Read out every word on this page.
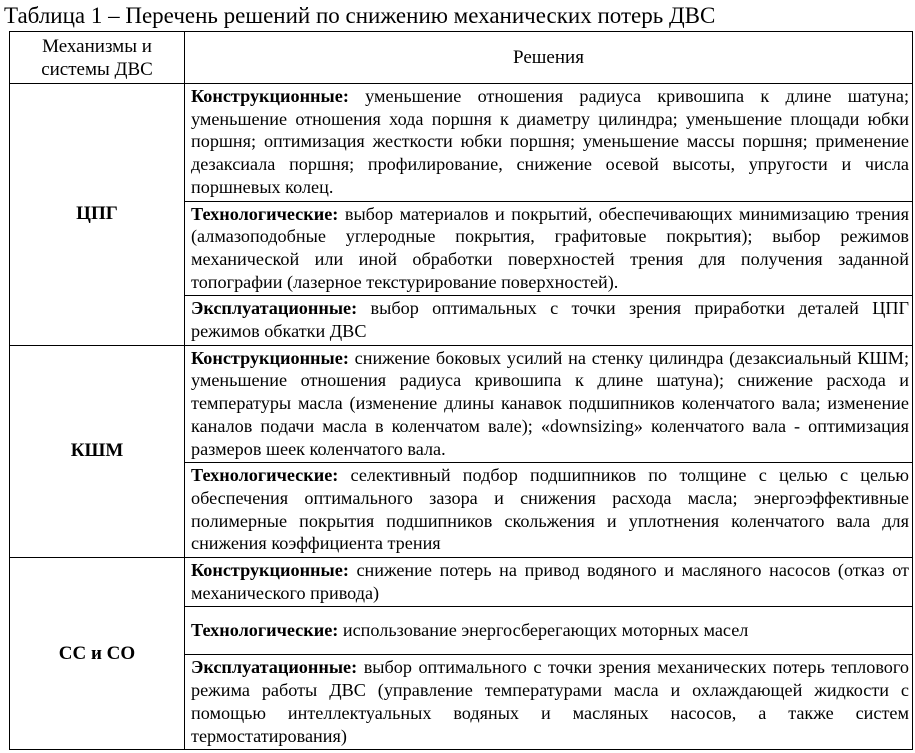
Таблица 1 – Перечень решений по снижению механических потерь ДВС
Механизмы и
системы ДВС	Решения
ЦПГ	Конструкционные: уменьшение отношения радиуса кривошипа к длине шатуна; уменьшение отношения хода поршня к диаметру цилиндра; уменьшение площади юбки поршня; оптимизация жесткости юбки поршня; уменьшение массы поршня; применение дезаксиала поршня; профилирование, снижение осевой высоты, упругости и числа поршневых колец.
	Технологические: выбор материалов и покрытий, обеспечивающих минимизацию трения (алмазоподобные углеродные покрытия, графитовые покрытия); выбор режимов механической или иной обработки поверхностей трения для получения заданной топографии (лазерное текстурирование поверхностей).
	Эксплуатационные: выбор оптимальных с точки зрения приработки деталей ЦПГ режимов обкатки ДВС
КШМ	Конструкционные: снижение боковых усилий на стенку цилиндра (дезаксиальный КШМ; уменьшение отношения радиуса кривошипа к длине шатуна); снижение расхода и температуры масла (изменение длины канавок подшипников коленчатого вала; изменение каналов подачи масла в коленчатом вале); «downsizing» коленчатого вала - оптимизация размеров шеек коленчатого вала.
	Технологические: селективный подбор подшипников по толщине с целью с целью обеспечения оптимального зазора и снижения расхода масла; энергоэффективные полимерные покрытия подшипников скольжения и уплотнения коленчатого вала для снижения коэффициента трения
СС и СО	Конструкционные: снижение потерь на привод водяного и масляного насосов (отказ от механического привода)
	Технологические: использование энергосберегающих моторных масел
	Эксплуатационные: выбор оптимального с точки зрения механических потерь теплового режима работы ДВС (управление температурами масла и охлаждающей жидкости с помощью интеллектуальных водяных и масляных насосов, а также систем термостатирования)
